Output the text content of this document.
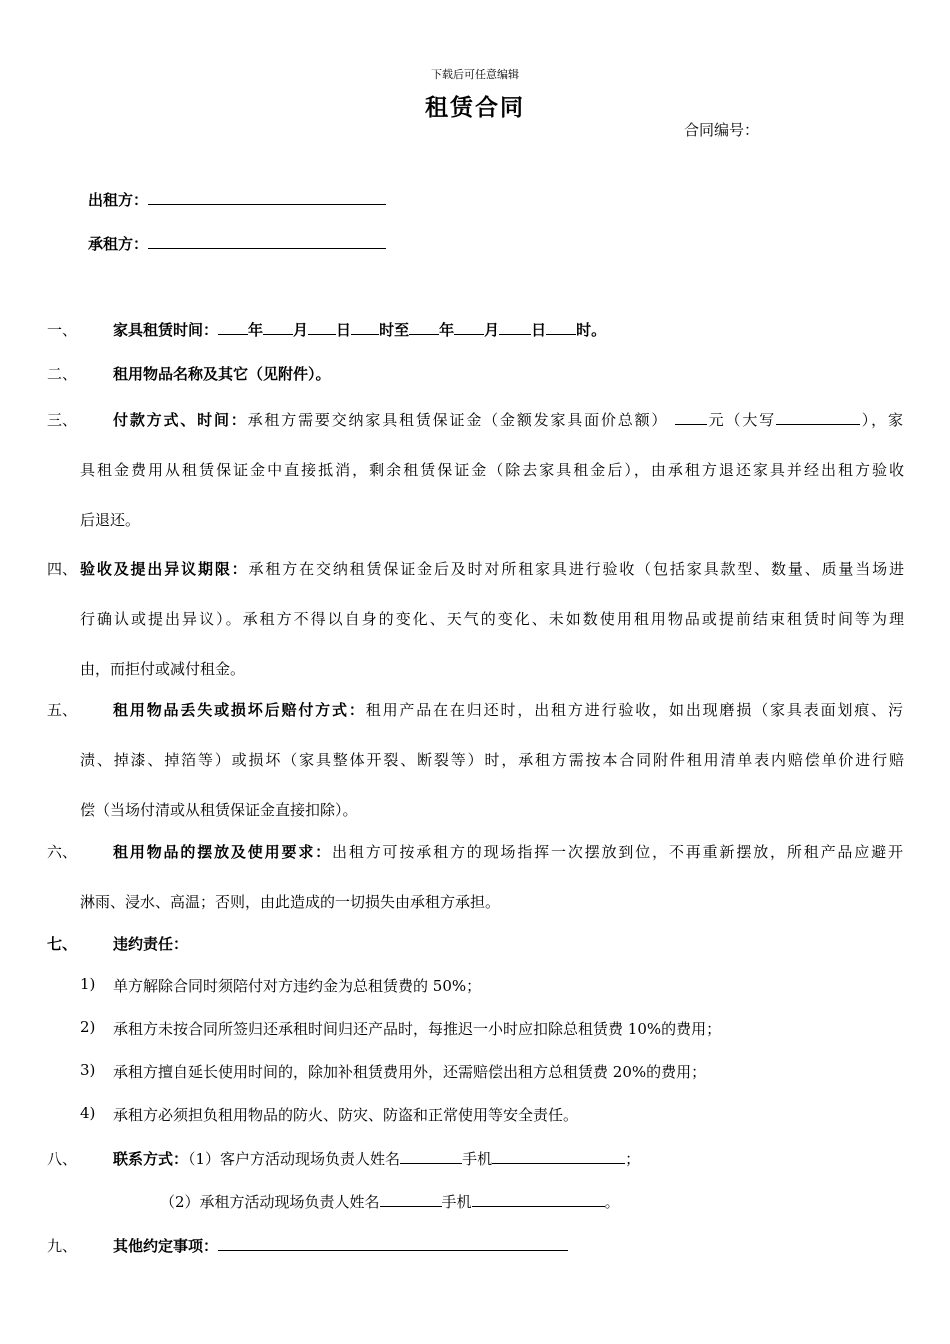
下载后可任意编辑
租赁合同
合同编号：
出租方：
承租方：
一、 家具租赁时间： 年 月 日 时至 年 月 日 时。
二、 租用物品名称及其它（见附件）。
三、 付款方式、时间：承租方需要交纳家具租赁保证金（金额发家具面价总额）	元（大写	），家
具租金费用从租赁保证金中直接抵消，剩余租赁保证金（除去家具租金后），由承租方退还家具并经出租方验收
后退还。
四、 验收及提出异议期限：承租方在交纳租赁保证金后及时对所租家具进行验收（包括家具款型、数量、质量当场进
行确认或提出异议）。承租方不得以自身的变化、天气的变化、未如数使用租用物品或提前结束租赁时间等为理
由，而拒付或减付租金。
五、 租用物品丢失或损坏后赔付方式：租用产品在在归还时，出租方进行验收，如出现磨损（家具表面划痕、污
渍、掉漆、掉箔等）或损坏（家具整体开裂、断裂等）时，承租方需按本合同附件租用清单表内赔偿单价进行赔
偿（当场付清或从租赁保证金直接扣除）。
六、 租用物品的摆放及使用要求：出租方可按承租方的现场指挥一次摆放到位，不再重新摆放，所租产品应避开
淋雨、浸水、高温；否则，由此造成的一切损失由承租方承担。
七、 违约责任：
1) 单方解除合同时须陪付对方违约金为总租赁费的 50%；
2) 承租方未按合同所签归还承租时间归还产品时，每推迟一小时应扣除总租赁费 10%的费用；
3) 承租方擅自延长使用时间的，除加补租赁费用外，还需赔偿出租方总租赁费 20%的费用；
4) 承租方必须担负租用物品的防火、防灾、防盗和正常使用等安全责任。
八、 联系方式：（1）客户方活动现场负责人姓名	手机	；
（2）承租方活动现场负责人姓名	手机	。
九、 其他约定事项：
